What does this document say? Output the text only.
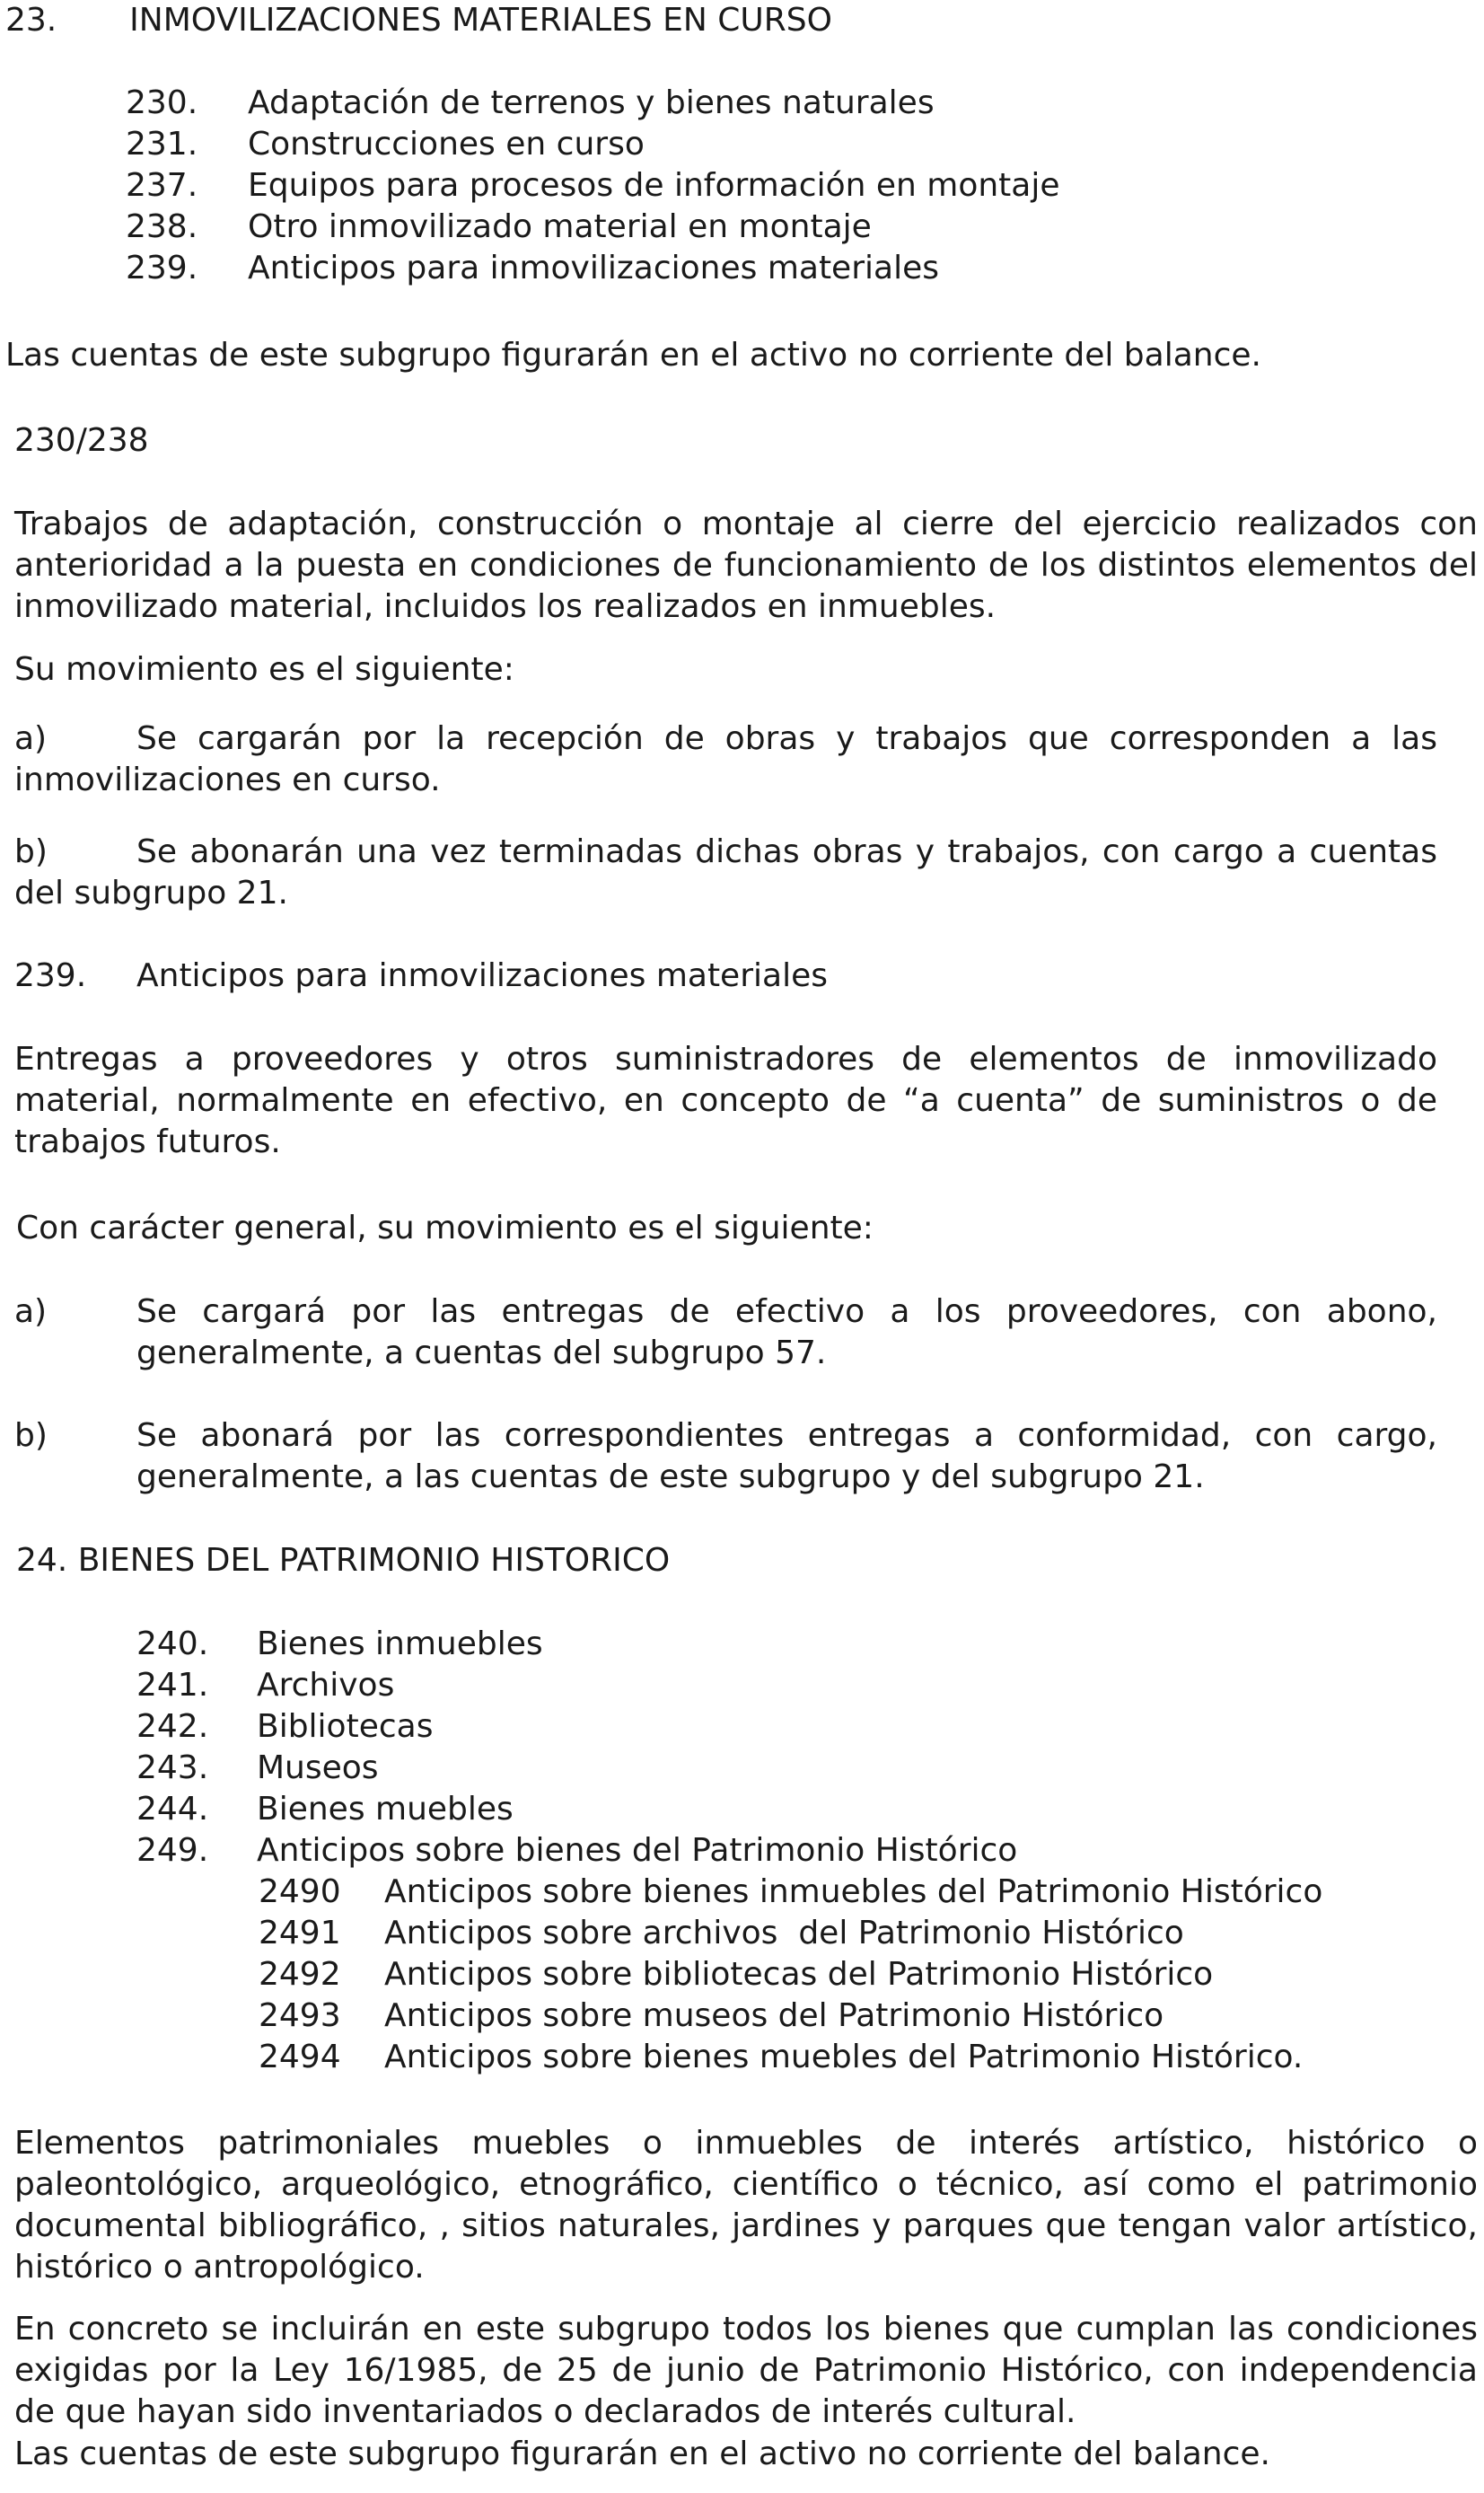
23. INMOVILIZACIONES MATERIALES EN CURSO
230. Adaptación de terrenos y bienes naturales
231. Construcciones en curso
237. Equipos para procesos de información en montaje
238. Otro inmovilizado material en montaje
239. Anticipos para inmovilizaciones materiales
Las cuentas de este subgrupo figurarán en el activo no corriente del balance.
230/238
Trabajos de adaptación, construcción o montaje al cierre del ejercicio realizados con anterioridad a la puesta en condiciones de funcionamiento de los distintos elementos del inmovilizado material, incluidos los realizados en inmuebles.
Su movimiento es el siguiente:
a)	Se cargarán por la recepción de obras y trabajos que corresponden a las inmovilizaciones en curso.
b)	Se abonarán una vez terminadas dichas obras y trabajos, con cargo a cuentas del subgrupo 21.
239. Anticipos para inmovilizaciones materiales
Entregas a proveedores y otros suministradores de elementos de inmovilizado material, normalmente en efectivo, en concepto de “a cuenta” de suministros o de trabajos futuros.
Con carácter general, su movimiento es el siguiente:
a)	Se cargará por las entregas de efectivo a los proveedores, con abono, generalmente, a cuentas del subgrupo 57.
b)	Se abonará por las correspondientes entregas a conformidad, con cargo, generalmente, a las cuentas de este subgrupo y del subgrupo 21.
24. BIENES DEL PATRIMONIO HISTORICO
240. Bienes inmuebles
241. Archivos
242. Bibliotecas
243. Museos
244. Bienes muebles
249. Anticipos sobre bienes del Patrimonio Histórico
2490 Anticipos sobre bienes inmuebles del Patrimonio Histórico
2491 Anticipos sobre archivos  del Patrimonio Histórico
2492 Anticipos sobre bibliotecas del Patrimonio Histórico
2493 Anticipos sobre museos del Patrimonio Histórico
2494 Anticipos sobre bienes muebles del Patrimonio Histórico.
Elementos patrimoniales muebles o inmuebles de interés artístico, histórico o paleontológico, arqueológico, etnográfico, científico o técnico, así como el patrimonio documental bibliográfico, , sitios naturales, jardines y parques que tengan valor artístico, histórico o antropológico.
En concreto se incluirán en este subgrupo todos los bienes que cumplan las condiciones exigidas por la Ley 16/1985, de 25 de junio de Patrimonio Histórico, con independencia de que hayan sido inventariados o declarados de interés cultural.
Las cuentas de este subgrupo figurarán en el activo no corriente del balance.
